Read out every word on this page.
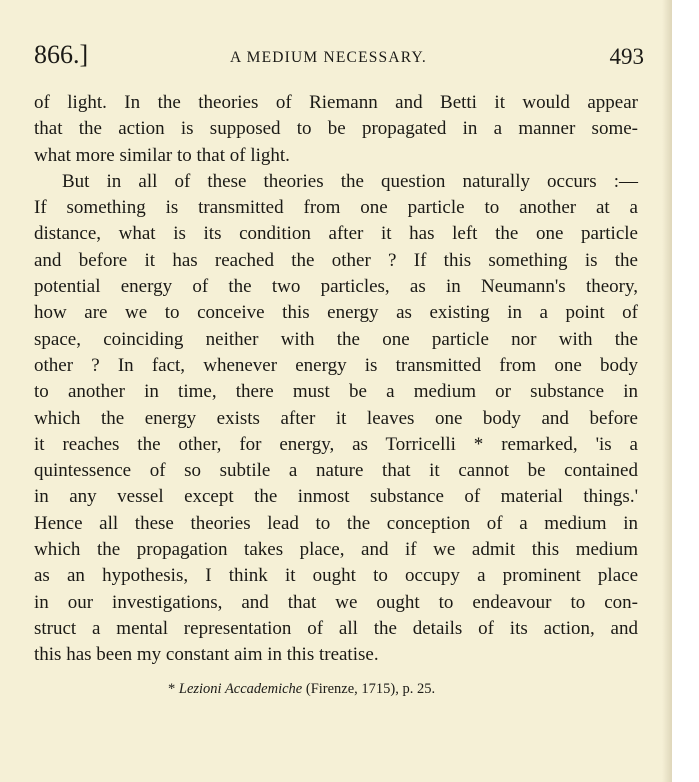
866.]	A MEDIUM NECESSARY.	493
of light. In the theories of Riemann and Betti it would appear
that the action is supposed to be propagated in a manner some-
what more similar to that of light.
But in all of these theories the question naturally occurs :—
If something is transmitted from one particle to another at a
distance, what is its condition after it has left the one particle
and before it has reached the other ? If this something is the
potential energy of the two particles, as in Neumann's theory,
how are we to conceive this energy as existing in a point of
space, coinciding neither with the one particle nor with the
other ? In fact, whenever energy is transmitted from one body
to another in time, there must be a medium or substance in
which the energy exists after it leaves one body and before
it reaches the other, for energy, as Torricelli * remarked, 'is a
quintessence of so subtile a nature that it cannot be contained
in any vessel except the inmost substance of material things.'
Hence all these theories lead to the conception of a medium in
which the propagation takes place, and if we admit this medium
as an hypothesis, I think it ought to occupy a prominent place
in our investigations, and that we ought to endeavour to con-
struct a mental representation of all the details of its action, and
this has been my constant aim in this treatise.
* Lezioni Accademiche (Firenze, 1715), p. 25.
